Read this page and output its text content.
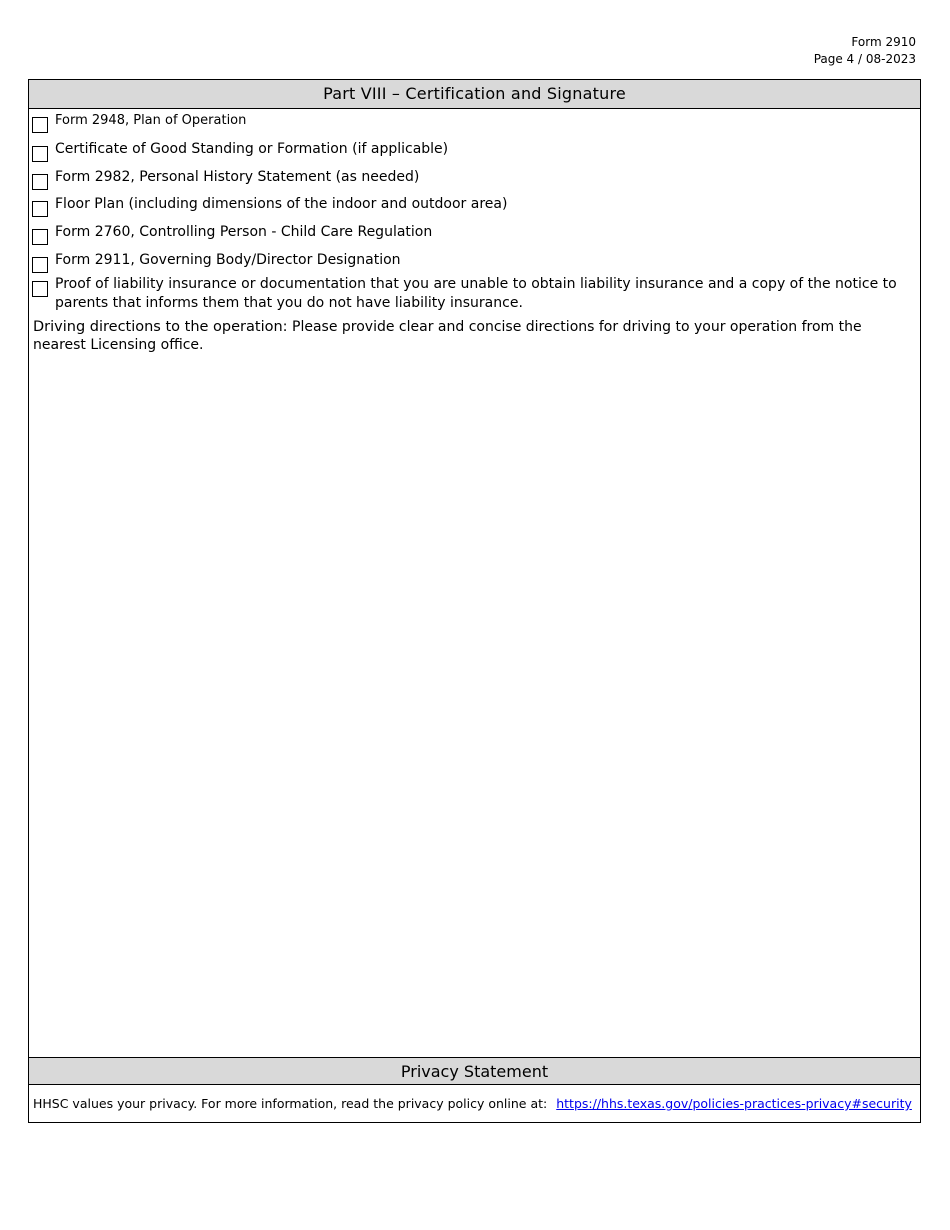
Form 2910
Page 4 / 08-2023
Part VIII – Certification and Signature
Form 2948, Plan of Operation
Certificate of Good Standing or Formation (if applicable)
Form 2982, Personal History Statement (as needed)
Floor Plan (including dimensions of the indoor and outdoor area)
Form 2760, Controlling Person - Child Care Regulation
Form 2911, Governing Body/Director Designation
Proof of liability insurance or documentation that you are unable to obtain liability insurance and a copy of the notice to parents that informs them that you do not have liability insurance.
Driving directions to the operation: Please provide clear and concise directions for driving to your operation from the nearest Licensing office.
Privacy Statement
HHSC values your privacy. For more information, read the privacy policy online at: https://hhs.texas.gov/policies-practices-privacy#security
